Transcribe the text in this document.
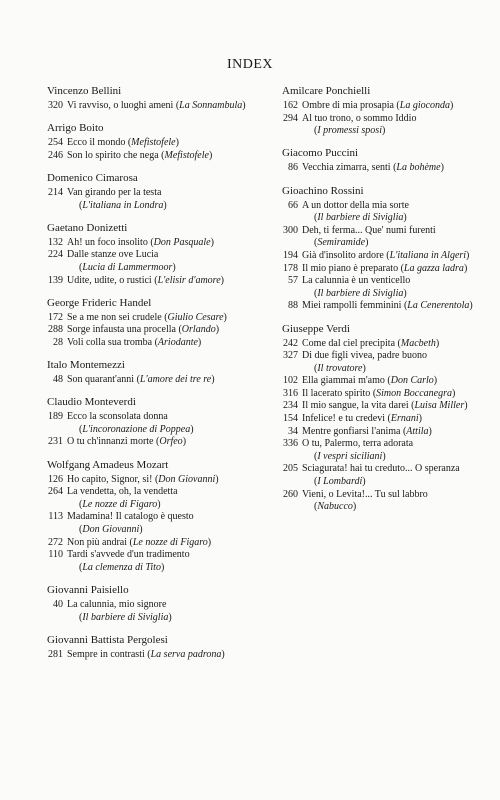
INDEX
Vincenzo Bellini
320 Vi ravviso, o luoghi ameni (La Sonnambula)
Arrigo Boito
254 Ecco il mondo (Mefistofele)
246 Son lo spirito che nega (Mefistofele)
Domenico Cimarosa
214 Van girando per la testa
(L'italiana in Londra)
Gaetano Donizetti
132 Ah! un foco insolito (Don Pasquale)
224 Dalle stanze ove Lucia
(Lucia di Lammermoor)
139 Udite, udite, o rustici (L'elisir d'amore)
George Frideric Handel
172 Se a me non sei crudele (Giulio Cesare)
288 Sorge infausta una procella (Orlando)
28 Voli colla sua tromba (Ariodante)
Italo Montemezzi
48 Son quarant'anni (L'amore dei tre re)
Claudio Monteverdi
189 Ecco la sconsolata donna
(L'incoronazione di Poppea)
231 O tu ch'innanzi morte (Orfeo)
Wolfgang Amadeus Mozart
126 Ho capito, Signor, si! (Don Giovanni)
264 La vendetta, oh, la vendetta
(Le nozze di Figaro)
113 Madamina! Il catalogo è questo
(Don Giovanni)
272 Non più andrai (Le nozze di Figaro)
110 Tardi s'avvede d'un tradimento
(La clemenza di Tito)
Giovanni Paisiello
40 La calunnia, mio signore
(Il barbiere di Siviglia)
Giovanni Battista Pergolesi
281 Sempre in contrasti (La serva padrona)
Amilcare Ponchielli
162 Ombre di mia prosapia (La gioconda)
294 Al tuo trono, o sommo Iddio
(I promessi sposi)
Giacomo Puccini
86 Vecchia zimarra, senti (La bohème)
Gioachino Rossini
66 A un dottor della mia sorte
(Il barbiere di Siviglia)
300 Deh, ti ferma... Que' numi furenti
(Semiramide)
194 Già d'insolito ardore (L'italiana in Algeri)
178 Il mio piano è preparato (La gazza ladra)
57 La calunnia è un venticello
(Il barbiere di Siviglia)
88 Miei rampolli femminini (La Cenerentola)
Giuseppe Verdi
242 Come dal ciel precipita (Macbeth)
327 Di due figli vivea, padre buono
(Il trovatore)
102 Ella giammai m'amo (Don Carlo)
316 Il lacerato spirito (Simon Boccanegra)
234 Il mio sangue, la vita darei (Luisa Miller)
154 Infelice! e tu credevi (Ernani)
34 Mentre gonfiarsi l'anima (Attila)
336 O tu, Palermo, terra adorata
(I vespri siciliani)
205 Sciagurata! hai tu creduto... O speranza
(I Lombardi)
260 Vieni, o Levita!... Tu sul labbro
(Nabucco)
